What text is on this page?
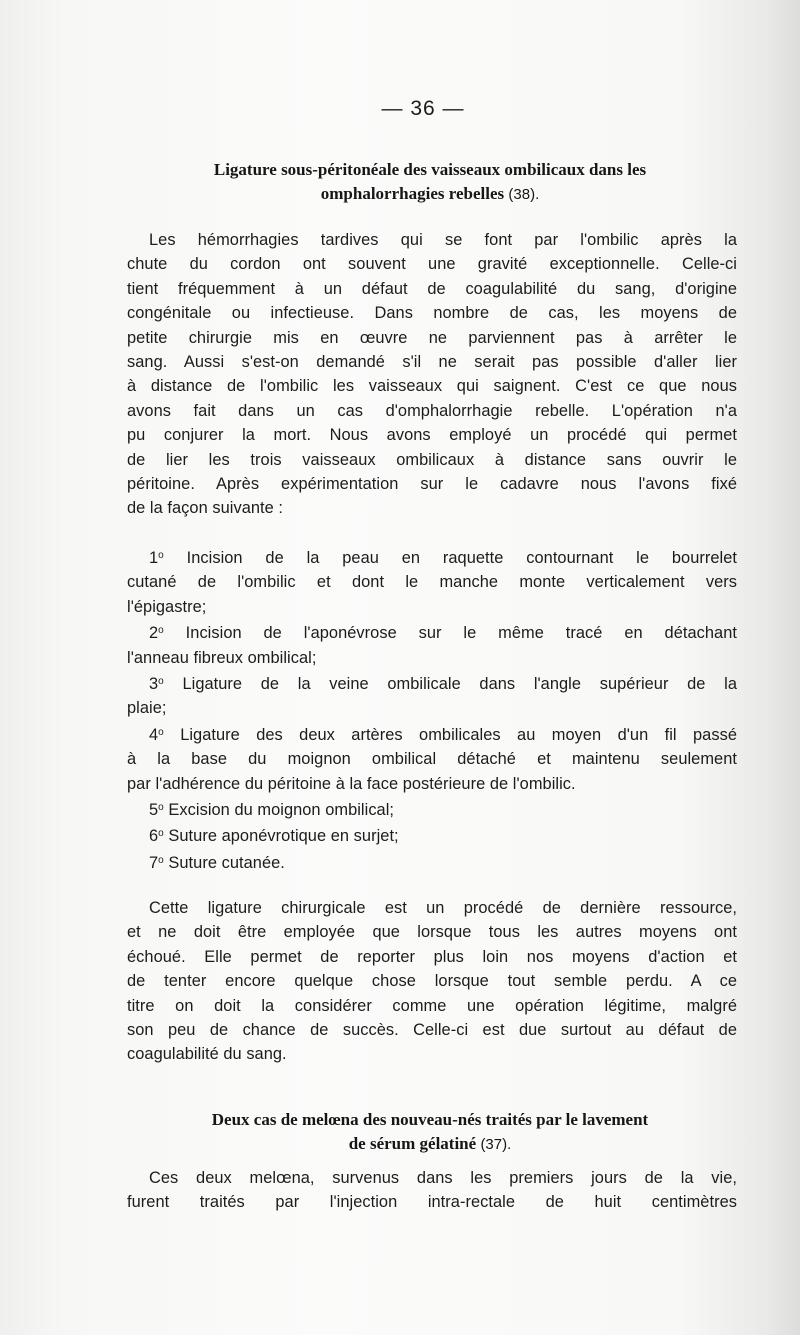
— 36 —
Ligature sous-péritonéale des vaisseaux ombilicaux dans les
omphalorrhagies rebelles (38).
Les hémorrhagies tardives qui se font par l'ombilic après la
chute du cordon ont souvent une gravité exceptionnelle. Celle-ci
tient fréquemment à un défaut de coagulabilité du sang, d'origine
congénitale ou infectieuse. Dans nombre de cas, les moyens de
petite chirurgie mis en œuvre ne parviennent pas à arrêter le
sang. Aussi s'est-on demandé s'il ne serait pas possible d'aller lier
à distance de l'ombilic les vaisseaux qui saignent. C'est ce que nous
avons fait dans un cas d'omphalorrhagie rebelle. L'opération n'a
pu conjurer la mort. Nous avons employé un procédé qui permet
de lier les trois vaisseaux ombilicaux à distance sans ouvrir le
péritoine. Après expérimentation sur le cadavre nous l'avons fixé
de la façon suivante :
1$^o$ Incision de la peau en raquette contournant le bourrelet
cutané de l'ombilic et dont le manche monte verticalement vers
l'épigastre;
2$^o$ Incision de l'aponévrose sur le même tracé en détachant
l'anneau fibreux ombilical;
3$^o$ Ligature de la veine ombilicale dans l'angle supérieur de la
plaie;
4$^o$ Ligature des deux artères ombilicales au moyen d'un fil passé
à la base du moignon ombilical détaché et maintenu seulement
par l'adhérence du péritoine à la face postérieure de l'ombilic.
5$^o$ Excision du moignon ombilical;
6$^o$ Suture aponévrotique en surjet;
7$^o$ Suture cutanée.
Cette ligature chirurgicale est un procédé de dernière ressource,
et ne doit être employée que lorsque tous les autres moyens ont
échoué. Elle permet de reporter plus loin nos moyens d'action et
de tenter encore quelque chose lorsque tout semble perdu. A ce
titre on doit la considérer comme une opération légitime, malgré
son peu de chance de succès. Celle-ci est due surtout au défaut de
coagulabilité du sang.
Deux cas de melœna des nouveau-nés traités par le lavement
de sérum gélatiné (37).
Ces deux melœna, survenus dans les premiers jours de la vie,
furent traités par l'injection intra-rectale de huit centimètres
